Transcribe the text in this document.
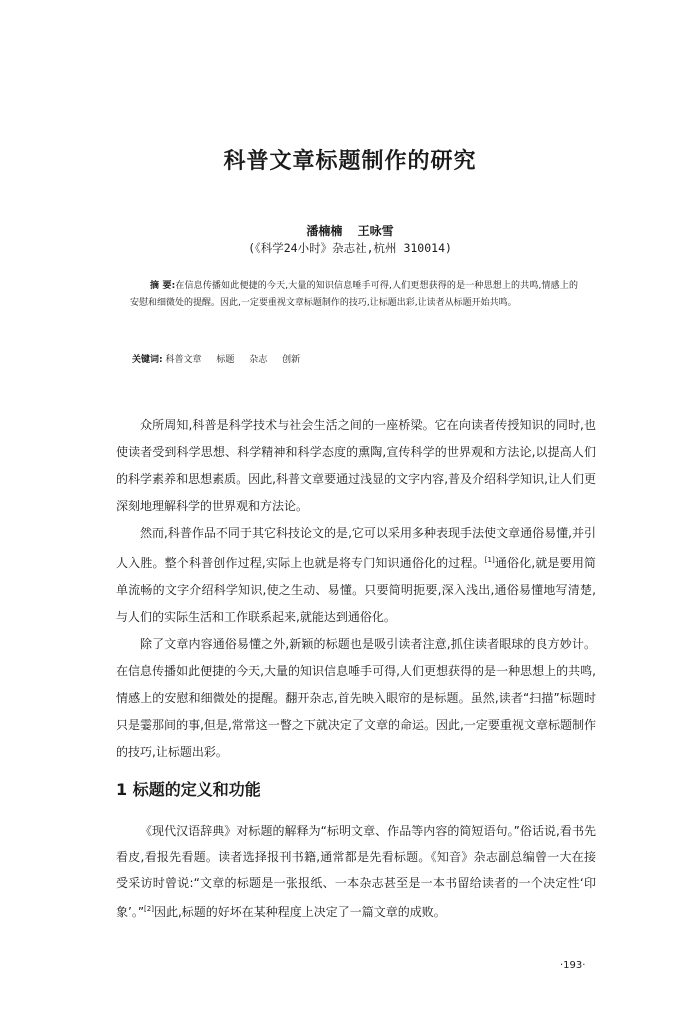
科普文章标题制作的研究
潘楠楠 王咏雪
(《科学24小时》杂志社,杭州 310014)
摘 要:在信息传播如此便捷的今天,大量的知识信息唾手可得,人们更想获得的是一种思想上的共鸣,情感上的安慰和细微处的提醒。因此,一定要重视文章标题制作的技巧,让标题出彩,让读者从标题开始共鸣。
关键词: 科普文章 标题 杂志 创新

众所周知,科普是科学技术与社会生活之间的一座桥梁。它在向读者传授知识的同时,也使读者受到科学思想、科学精神和科学态度的熏陶,宣传科学的世界观和方法论,以提高人们的科学素养和思想素质。因此,科普文章要通过浅显的文字内容,普及介绍科学知识,让人们更深刻地理解科学的世界观和方法论。

然而,科普作品不同于其它科技论文的是,它可以采用多种表现手法使文章通俗易懂,并引人入胜。整个科普创作过程,实际上也就是将专门知识通俗化的过程。[1]通俗化,就是要用简单流畅的文字介绍科学知识,使之生动、易懂。只要简明扼要,深入浅出,通俗易懂地写清楚,与人们的实际生活和工作联系起来,就能达到通俗化。

除了文章内容通俗易懂之外,新颖的标题也是吸引读者注意,抓住读者眼球的良方妙计。在信息传播如此便捷的今天,大量的知识信息唾手可得,人们更想获得的是一种思想上的共鸣,情感上的安慰和细微处的提醒。翻开杂志,首先映入眼帘的是标题。虽然,读者“扫描”标题时只是霎那间的事,但是,常常这一瞥之下就决定了文章的命运。因此,一定要重视文章标题制作的技巧,让标题出彩。

1 标题的定义和功能

《现代汉语辞典》对标题的解释为“标明文章、作品等内容的简短语句。”俗话说,看书先看皮,看报先看题。读者选择报刊书籍,通常都是先看标题。《知音》杂志副总编曾一大在接受采访时曾说:“文章的标题是一张报纸、一本杂志甚至是一本书留给读者的一个决定性‘印象’。”[2]因此,标题的好坏在某种程度上决定了一篇文章的成败。

·193·
